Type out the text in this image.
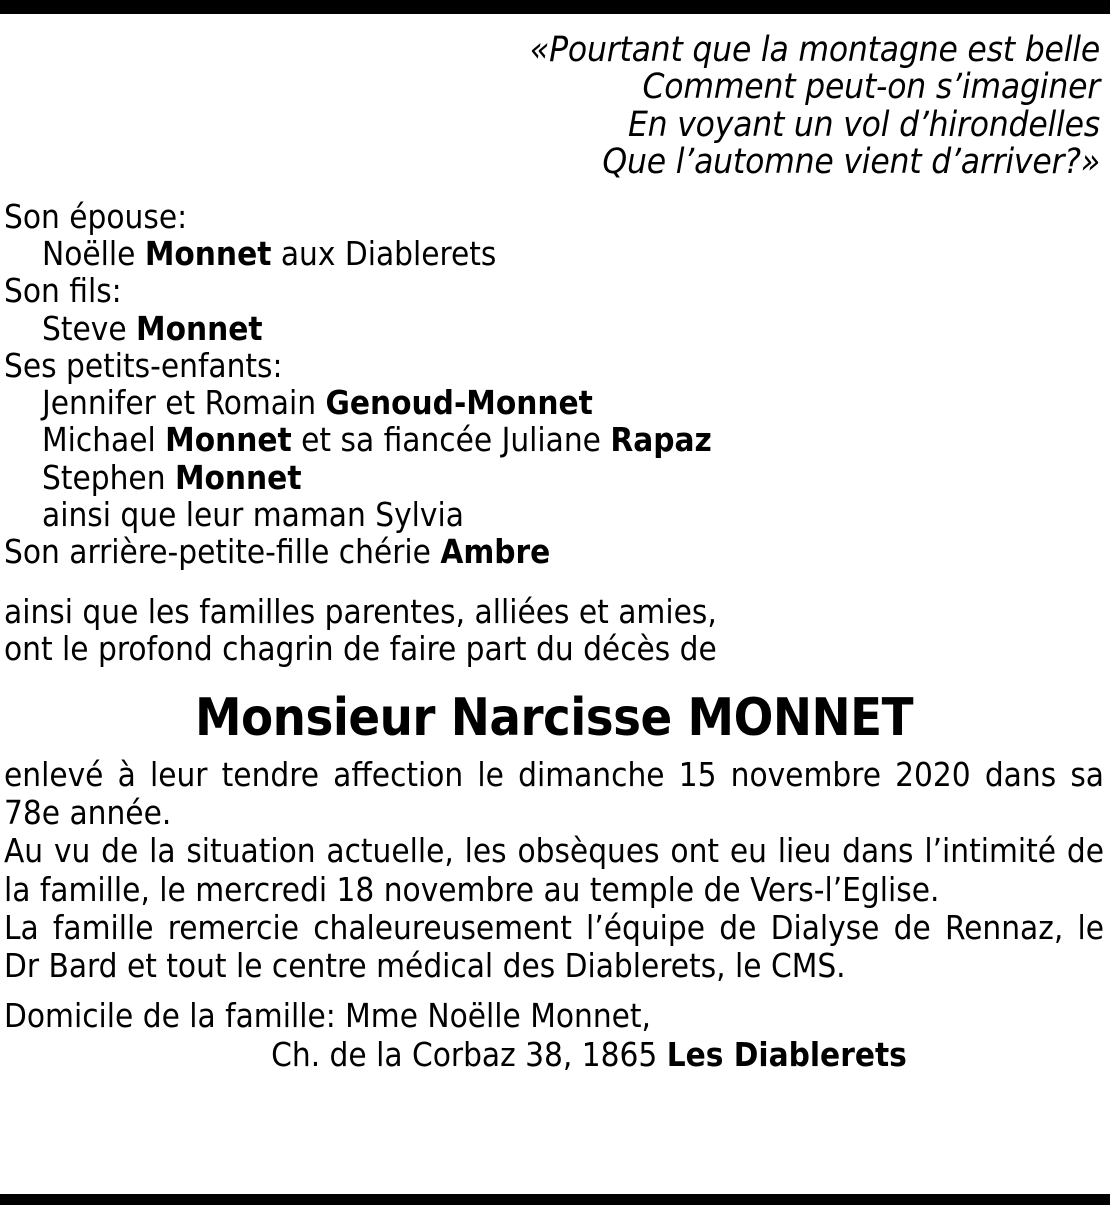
«Pourtant que la montagne est belle
Comment peut-on s’imaginer
En voyant un vol d’hirondelles
Que l’automne vient d’arriver?»
Son épouse:
Noëlle Monnet aux Diablerets
Son fils:
Steve Monnet
Ses petits-enfants:
Jennifer et Romain Genoud-Monnet
Michael Monnet et sa fiancée Juliane Rapaz
Stephen Monnet
ainsi que leur maman Sylvia
Son arrière-petite-fille chérie Ambre
ainsi que les familles parentes, alliées et amies,
ont le profond chagrin de faire part du décès de
Monsieur Narcisse MONNET

enlevé à leur tendre affection le dimanche 15 novembre 2020 dans sa 78e année.

Au vu de la situation actuelle, les obsèques ont eu lieu dans l’intimité de la famille, le mercredi 18 novembre au temple de Vers-l’Eglise.

La famille remercie chaleureusement l’équipe de Dialyse de Rennaz, le Dr Bard et tout le centre médical des Diablerets, le CMS.

Domicile de la famille: Mme Noëlle Monnet,
Ch. de la Corbaz 38, 1865 Les Diablerets
